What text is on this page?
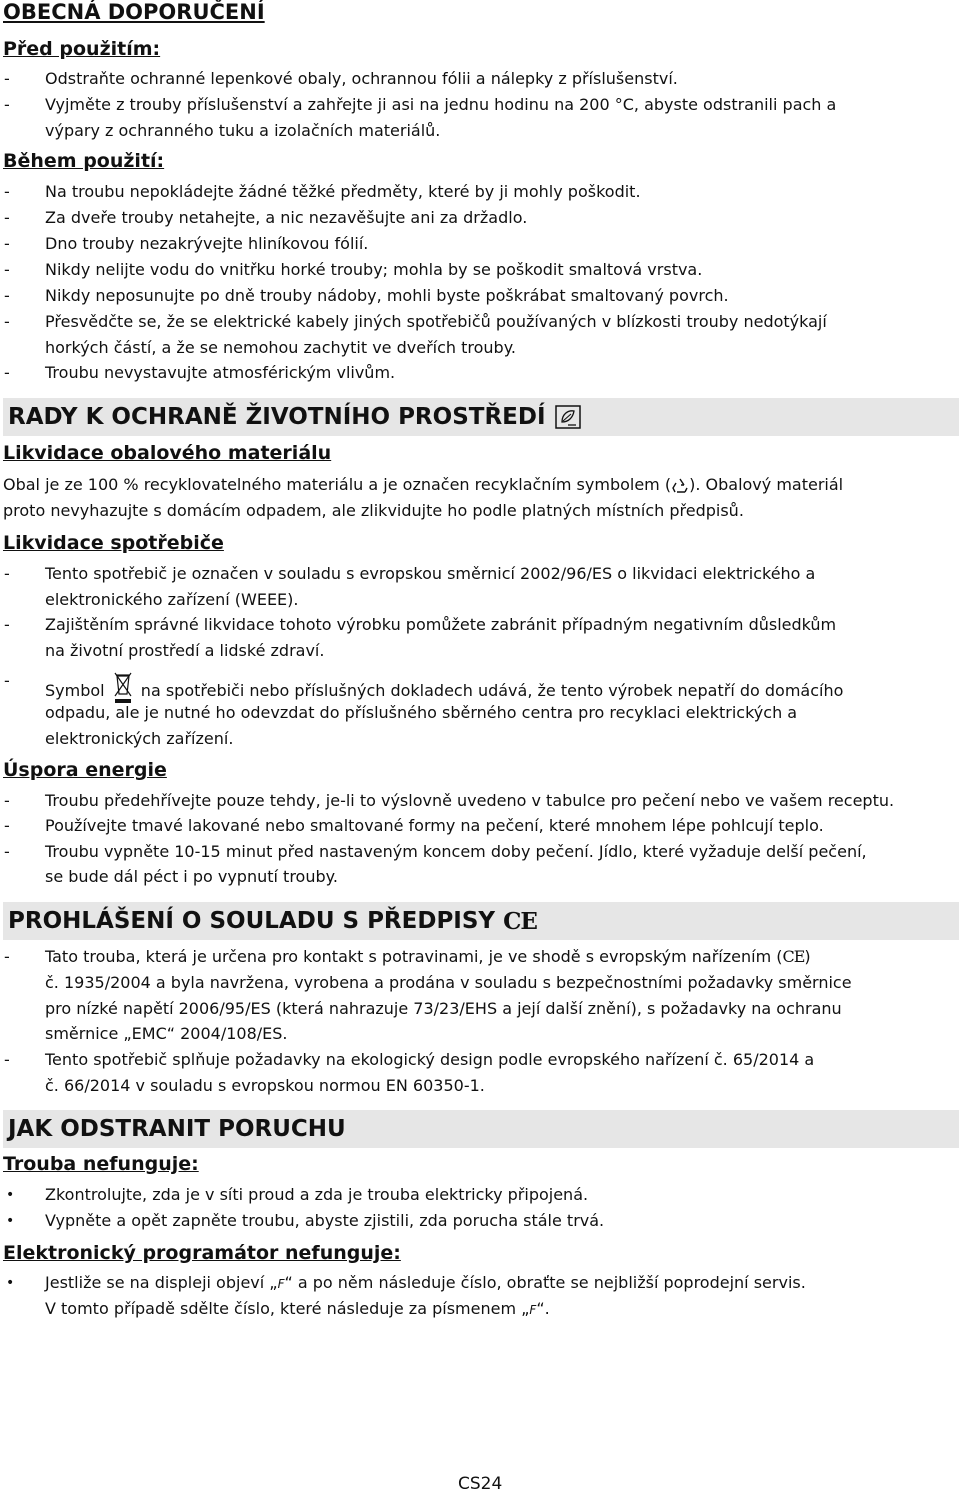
OBECNÁ DOPORUČENÍ
Před použitím:
- Odstraňte ochranné lepenkové obaly, ochrannou fólii a nálepky z příslušenství.
- Vyjměte z trouby příslušenství a zahřejte ji asi na jednu hodinu na 200 °C, abyste odstranili pach a
výpary z ochranného tuku a izolačních materiálů.
Během použití:
- Na troubu nepokládejte žádné těžké předměty, které by ji mohly poškodit.
- Za dveře trouby netahejte, a nic nezavěšujte ani za držadlo.
- Dno trouby nezakrývejte hliníkovou fólií.
- Nikdy nelijte vodu do vnitřku horké trouby; mohla by se poškodit smaltová vrstva.
- Nikdy neposunujte po dně trouby nádoby, mohli byste poškrábat smaltovaný povrch.
- Přesvědčte se, že se elektrické kabely jiných spotřebičů používaných v blízkosti trouby nedotýkají
horkých částí, a že se nemohou zachytit ve dveřích trouby.
- Troubu nevystavujte atmosférickým vlivům.
RADY K OCHRANĚ ŽIVOTNÍHO PROSTŘEDÍ
Likvidace obalového materiálu
Obal je ze 100 % recyklovatelného materiálu a je označen recyklačním symbolem ( ). Obalový materiál
proto nevyhazujte s domácím odpadem, ale zlikvidujte ho podle platných místních předpisů.
Likvidace spotřebiče
- Tento spotřebič je označen v souladu s evropskou směrnicí 2002/96/ES o likvidaci elektrického a
elektronického zařízení (WEEE).
- Zajištěním správné likvidace tohoto výrobku pomůžete zabránit případným negativním důsledkům
na životní prostředí a lidské zdraví.
-
Symbol na spotřebiči nebo příslušných dokladech udává, že tento výrobek nepatří do domácího
odpadu, ale je nutné ho odevzdat do příslušného sběrného centra pro recyklaci elektrických a
elektronických zařízení.
Úspora energie
- Troubu předehřívejte pouze tehdy, je-li to výslovně uvedeno v tabulce pro pečení nebo ve vašem receptu.
- Používejte tmavé lakované nebo smaltované formy na pečení, které mnohem lépe pohlcují teplo.
- Troubu vypněte 10-15 minut před nastaveným koncem doby pečení. Jídlo, které vyžaduje delší pečení,
se bude dál péct i po vypnutí trouby.
PROHLÁŠENÍ O SOULADU S PŘEDPISY CE
- Tato trouba, která je určena pro kontakt s potravinami, je ve shodě s evropským nařízením (CE)
č. 1935/2004 a byla navržena, vyrobena a prodána v souladu s bezpečnostními požadavky směrnice
pro nízké napětí 2006/95/ES (která nahrazuje 73/23/EHS a její další znění), s požadavky na ochranu
směrnice „EMC“ 2004/108/ES.
- Tento spotřebič splňuje požadavky na ekologický design podle evropského nařízení č. 65/2014 a
č. 66/2014 v souladu s evropskou normou EN 60350-1.
JAK ODSTRANIT PORUCHU
Trouba nefunguje:
• Zkontrolujte, zda je v síti proud a zda je trouba elektricky připojená.
• Vypněte a opět zapněte troubu, abyste zjistili, zda porucha stále trvá.
Elektronický programátor nefunguje:
• Jestliže se na displeji objeví „F“ a po něm následuje číslo, obraťte se nejbližší poprodejní servis.
V tomto případě sdělte číslo, které následuje za písmenem „F“.
CS24
